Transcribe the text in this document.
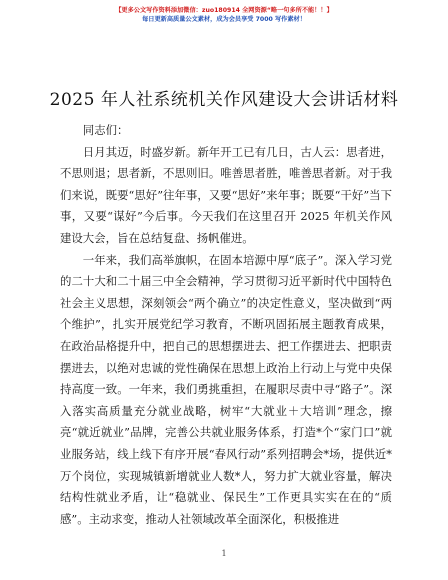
【更多公文写作资料添加微信：zuo180914 全网资源“略一句多所不能！！】
每日更新高质量公文素材，成为会员享受 7000 写作素材！
2025 年人社系统机关作风建设大会讲话材料
同志们：

日月其迈，时盛岁新。新年开工已有几日，古人云：思者进，不思则退；思者新，不思则旧。唯善思者胜，唯善思者新。对于我们来说，既要“思好”往年事，又要“思好”来年事；既要“干好”当下事，又要“谋好”今后事。今天我们在这里召开 2025 年机关作风建设大会，旨在总结复盘、扬帆催进。

一年来，我们高举旗帜，在固本培源中厚“底子”。深入学习党的二十大和二十届三中全会精神，学习贯彻习近平新时代中国特色社会主义思想，深刻领会“两个确立”的决定性意义，坚决做到“两个维护”，扎实开展党纪学习教育，不断巩固拓展主题教育成果，在政治品格提升中，把自己的思想摆进去、把工作摆进去、把职责摆进去，以绝对忠诚的党性确保在思想上政治上行动上与党中央保持高度一致。一年来，我们勇挑重担，在履职尽责中寻“路子”。深入落实高质量充分就业战略，树牢“大就业＋大培训”理念，擦亮“就近就业”品牌，完善公共就业服务体系，打造*个“家门口”就业服务站，线上线下有序开展“春风行动”系列招聘会*场，提供近*万个岗位，实现城镇新增就业人数*人，努力扩大就业容量，解决结构性就业矛盾，让“稳就业、保民生”工作更具实实在在的“质感”。主动求变，推动人社领域改革全面深化，积极推进

1
